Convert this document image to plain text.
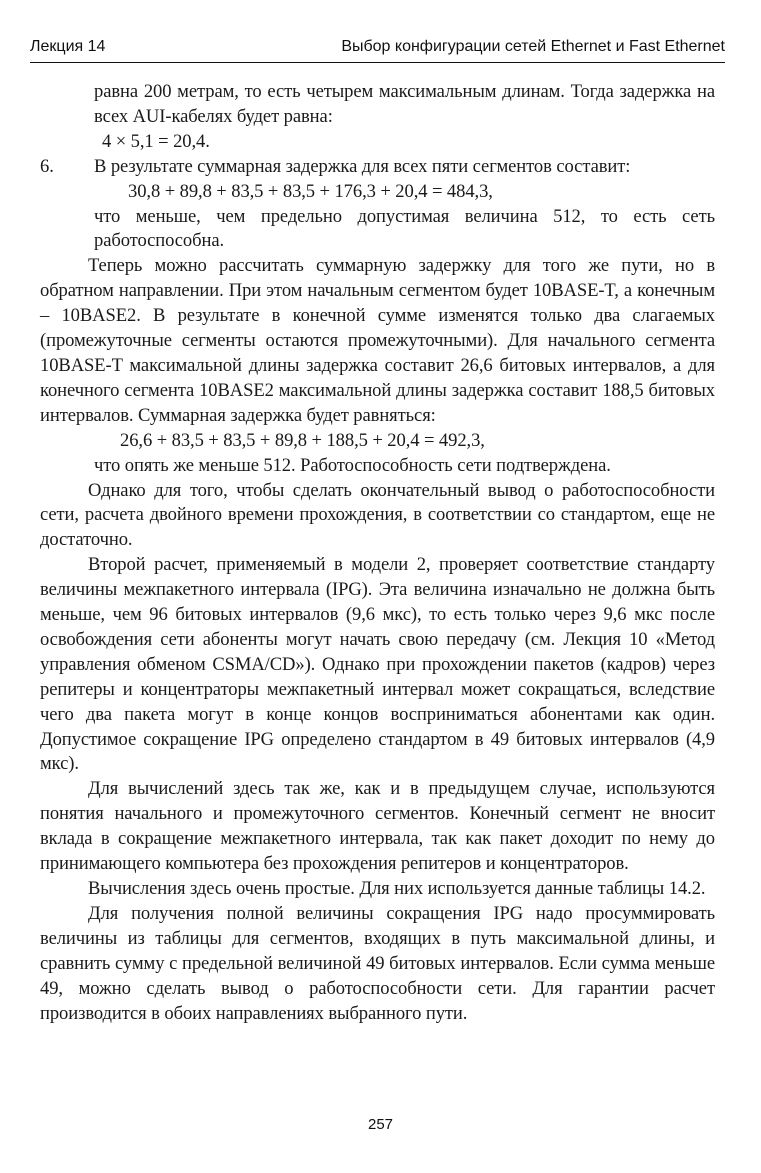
Лекция 14	Выбор конфигурации сетей Ethernet и Fast Ethernet

равна 200 метрам, то есть четырем максимальным длинам. Тогда задержка на всех AUI-кабелях будет равна:

4 × 5,1 = 20,4.

6. В результате суммарная задержка для всех пяти сегментов составит:

30,8 + 89,8 + 83,5 + 83,5 + 176,3 + 20,4 = 484,3,

что меньше, чем предельно допустимая величина 512, то есть сеть работоспособна.

Теперь можно рассчитать суммарную задержку для того же пути, но в обратном направлении. При этом начальным сегментом будет 10BASE-T, а конечным – 10BASE2. В результате в конечной сумме изменятся только два слагаемых (промежуточные сегменты остаются промежуточными). Для начального сегмента 10BASE-T максимальной длины задержка составит 26,6 битовых интервалов, а для конечного сегмента 10BASE2 максимальной длины задержка составит 188,5 битовых интервалов. Суммарная задержка будет равняться:

26,6 + 83,5 + 83,5 + 89,8 + 188,5 + 20,4 = 492,3,

что опять же меньше 512. Работоспособность сети подтверждена.

Однако для того, чтобы сделать окончательный вывод о работоспособности сети, расчета двойного времени прохождения, в соответствии со стандартом, еще не достаточно.

Второй расчет, применяемый в модели 2, проверяет соответствие стандарту величины межпакетного интервала (IPG). Эта величина изначально не должна быть меньше, чем 96 битовых интервалов (9,6 мкс), то есть только через 9,6 мкс после освобождения сети абоненты могут начать свою передачу (см. Лекция 10 «Метод управления обменом CSMA/CD»). Однако при прохождении пакетов (кадров) через репитеры и концентраторы межпакетный интервал может сокращаться, вследствие чего два пакета могут в конце концов восприниматься абонентами как один. Допустимое сокращение IPG определено стандартом в 49 битовых интервалов (4,9 мкс).

Для вычислений здесь так же, как и в предыдущем случае, используются понятия начального и промежуточного сегментов. Конечный сегмент не вносит вклада в сокращение межпакетного интервала, так как пакет доходит по нему до принимающего компьютера без прохождения репитеров и концентраторов.

Вычисления здесь очень простые. Для них используется данные таблицы 14.2.

Для получения полной величины сокращения IPG надо просуммировать величины из таблицы для сегментов, входящих в путь максимальной длины, и сравнить сумму с предельной величиной 49 битовых интервалов. Если сумма меньше 49, можно сделать вывод о работоспособности сети. Для гарантии расчет производится в обоих направлениях выбранного пути.

257
